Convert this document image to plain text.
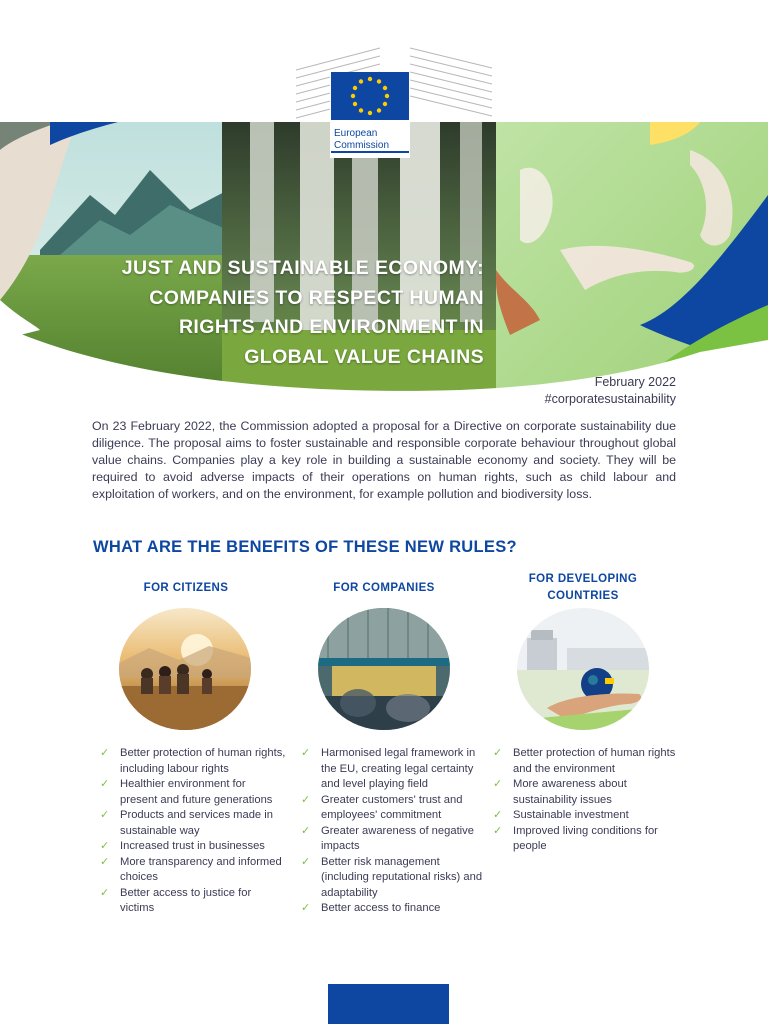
European
Commission
JUST AND SUSTAINABLE ECONOMY:
COMPANIES TO RESPECT HUMAN
RIGHTS AND ENVIRONMENT IN
GLOBAL VALUE CHAINS
February 2022
#corporatesustainability

On 23 February 2022, the Commission adopted a proposal for a Directive on corporate sustainability due diligence. The proposal aims to foster sustainable and responsible corporate behaviour throughout global value chains. Companies play a key role in building a sustainable economy and society. They will be required to avoid adverse impacts of their operations on human rights, such as child labour and exploitation of workers, and on the environment, for example pollution and biodiversity loss.

WHAT ARE THE BENEFITS OF THESE NEW RULES?
FOR CITIZENS	FOR COMPANIES
FOR DEVELOPING
COUNTRIES
✓ Better protection of human rights, including labour rights
✓ Healthier environment for present and future generations
✓ Products and services made in sustainable way
✓ Increased trust in businesses
✓ More transparency and informed choices
✓ Better access to justice for victims
✓ Harmonised legal framework in the EU, creating legal certainty and level playing field
✓ Greater customers' trust and employees' commitment
✓ Greater awareness of negative impacts
✓ Better risk management (including reputational risks) and adaptability
✓ Better access to finance
✓ Better protection of human rights and the environment
✓ More awareness about sustainability issues
✓ Sustainable investment
✓ Improved living conditions for people
